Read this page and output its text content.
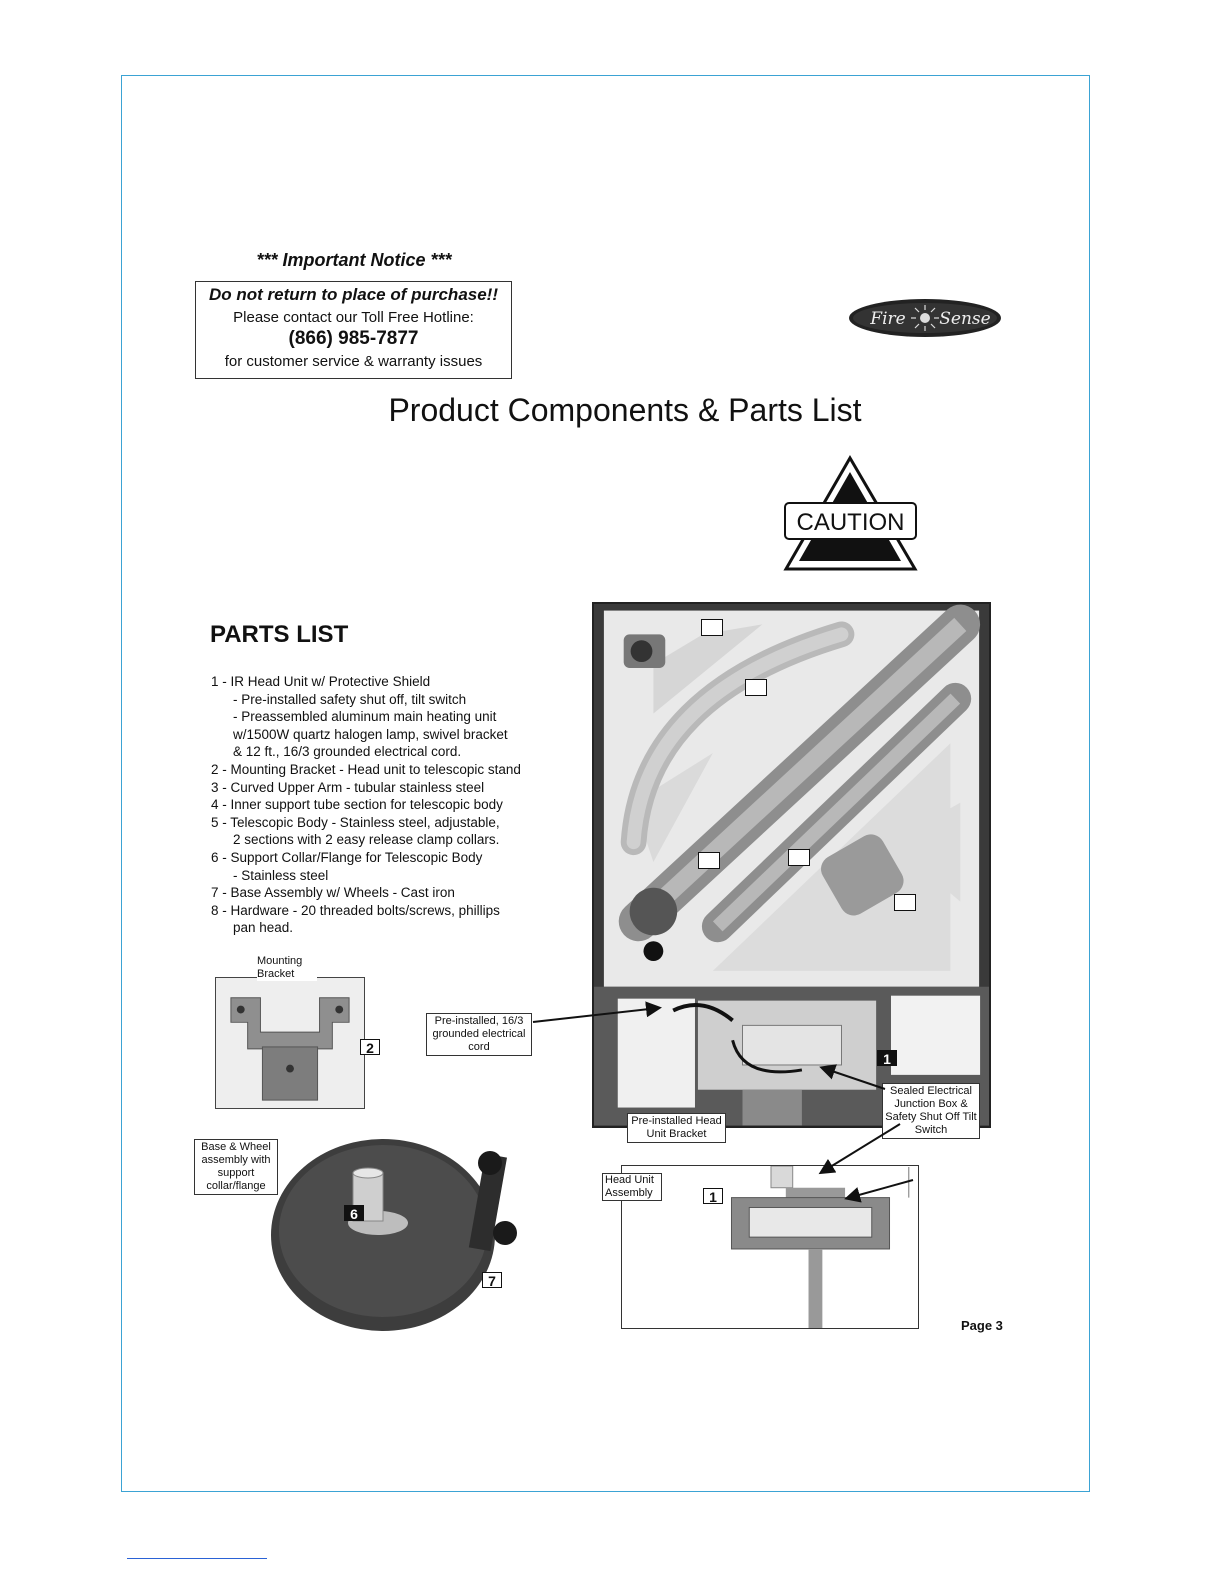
*** Important Notice ***
Do not return to place of purchase!!
Please contact our Toll Free Hotline:
(866) 985-7877
for customer service & warranty issues
Fire Sense
Product Components & Parts List
CAUTION
PARTS LIST
1 - IR Head Unit w/ Protective Shield
- Pre-installed safety shut off, tilt switch
- Preassembled aluminum main heating unit
w/1500W quartz halogen lamp, swivel bracket
& 12 ft., 16/3 grounded electrical cord.
2 - Mounting Bracket - Head unit to telescopic stand
3 - Curved Upper Arm - tubular stainless steel
4 - Inner support tube section for telescopic body
5 - Telescopic Body - Stainless steel, adjustable,
2 sections with 2 easy release clamp collars.
6 - Support Collar/Flange for Telescopic Body
- Stainless steel
7 - Base Assembly w/ Wheels - Cast iron
8 - Hardware - 20 threaded bolts/screws, phillips
pan head.
Mounting Bracket
2
Pre-installed, 16/3 grounded electrical cord
Sealed Electrical Junction Box & Safety Shut Off Tilt Switch
Pre-installed Head Unit Bracket
1
Base & Wheel assembly with support collar/flange
6
7
Head Unit Assembly	1
Page 3
